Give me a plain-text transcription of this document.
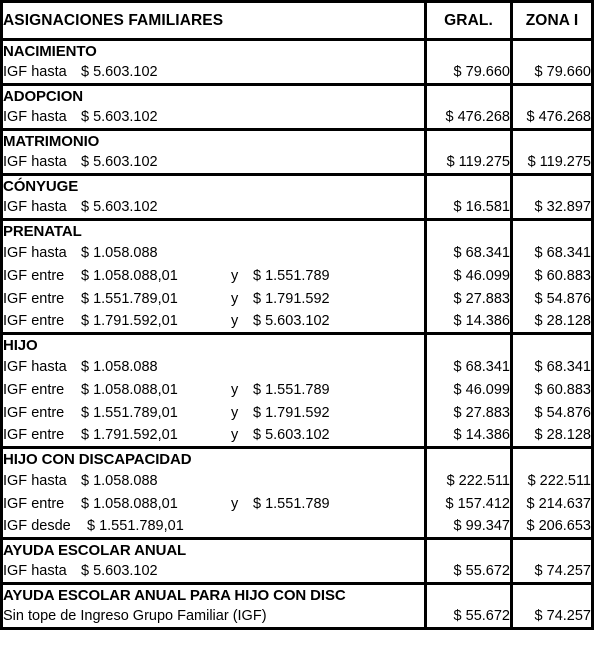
ASIGNACIONES FAMILIARES	GRAL.	ZONA I
NACIMIENTO		
IGF hasta $ 5.603.102	$ 79.660	$ 79.660
ADOPCION		
IGF hasta $ 5.603.102	$ 476.268	$ 476.268
MATRIMONIO		
IGF hasta $ 5.603.102	$ 119.275	$ 119.275
CÓNYUGE		
IGF hasta $ 5.603.102	$ 16.581	$ 32.897
PRENATAL		
IGF hasta $ 1.058.088	$ 68.341	$ 68.341
IGF entre $ 1.058.088,01 y $ 1.551.789	$ 46.099	$ 60.883
IGF entre $ 1.551.789,01 y $ 1.791.592	$ 27.883	$ 54.876
IGF entre $ 1.791.592,01 y $ 5.603.102	$ 14.386	$ 28.128
HIJO		
IGF hasta $ 1.058.088	$ 68.341	$ 68.341
IGF entre $ 1.058.088,01 y $ 1.551.789	$ 46.099	$ 60.883
IGF entre $ 1.551.789,01 y $ 1.791.592	$ 27.883	$ 54.876
IGF entre $ 1.791.592,01 y $ 5.603.102	$ 14.386	$ 28.128
HIJO CON DISCAPACIDAD		
IGF hasta $ 1.058.088	$ 222.511	$ 222.511
IGF entre $ 1.058.088,01 y $ 1.551.789	$ 157.412	$ 214.637
IGF desde $ 1.551.789,01	$ 99.347	$ 206.653
AYUDA ESCOLAR ANUAL		
IGF hasta $ 5.603.102	$ 55.672	$ 74.257
AYUDA ESCOLAR ANUAL PARA HIJO CON DISC		
Sin tope de Ingreso Grupo Familiar (IGF)	$ 55.672	$ 74.257
